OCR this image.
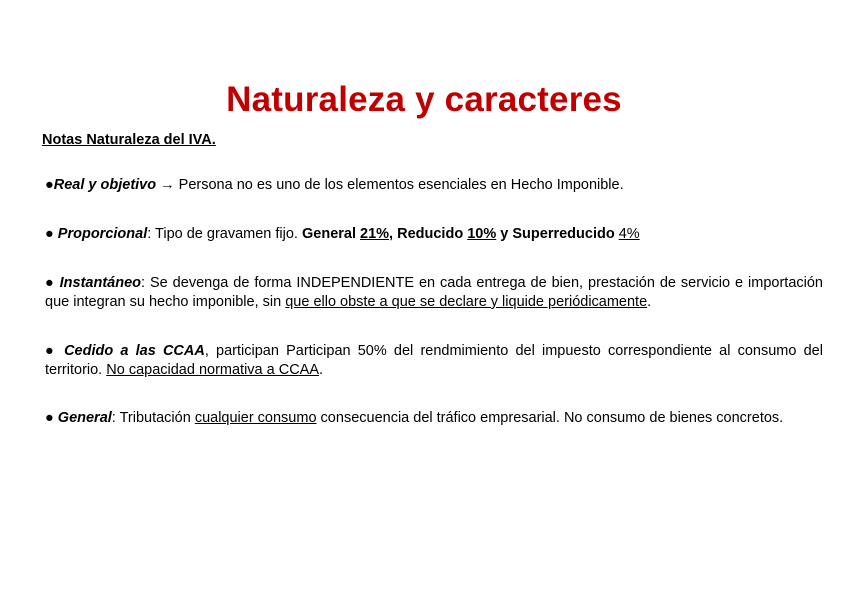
Naturaleza y caracteres
Notas Naturaleza del IVA.
●Real y objetivo → Persona no es uno de los elementos esenciales en Hecho Imponible.
● Proporcional: Tipo de gravamen fijo. General 21%, Reducido 10% y Superreducido 4%
● Instantáneo: Se devenga de forma INDEPENDIENTE en cada entrega de bien, prestación de servicio e importación que integran su hecho imponible, sin que ello obste a que se declare y liquide periódicamente.
● Cedido a las CCAA, participan Participan 50% del rendmimiento del impuesto correspondiente al consumo del territorio. No capacidad normativa a CCAA.
● General: Tributación cualquier consumo consecuencia del tráfico empresarial. No consumo de bienes concretos.
